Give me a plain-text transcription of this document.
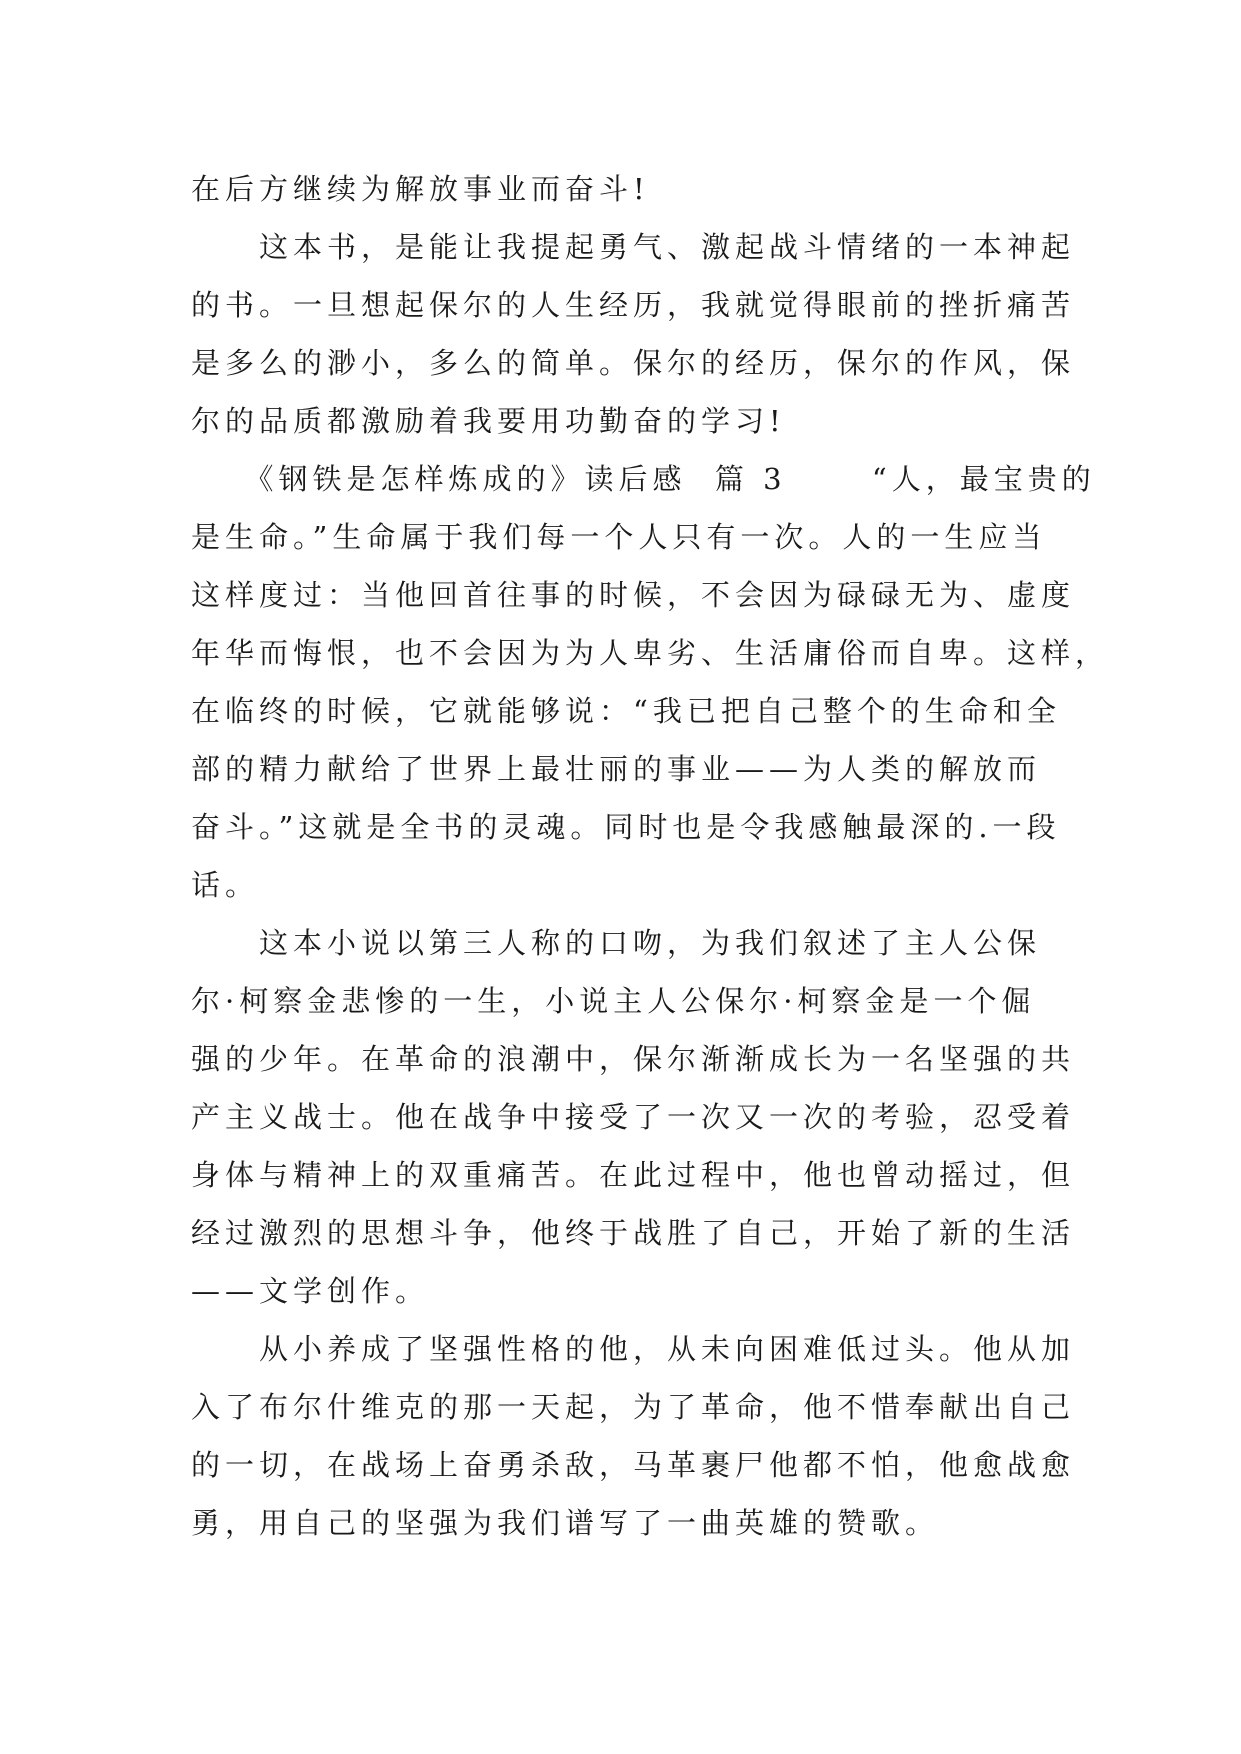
在后方继续为解放事业而奋斗!
　　这本书，是能让我提起勇气、激起战斗情绪的一本神起
的书。一旦想起保尔的人生经历，我就觉得眼前的挫折痛苦
是多么的渺小，多么的简单。保尔的经历，保尔的作风，保
尔的品质都激励着我要用功勤奋的学习!
　　《钢铁是怎样炼成的》读后感  篇 3      “人，最宝贵的
是生命。”生命属于我们每一个人只有一次。人的一生应当
这样度过：当他回首往事的时候，不会因为碌碌无为、虚度
年华而悔恨，也不会因为为人卑劣、生活庸俗而自卑。这样，
在临终的时候，它就能够说：“我已把自己整个的生命和全
部的精力献给了世界上最壮丽的事业——为人类的解放而
奋斗。”这就是全书的灵魂。同时也是令我感触最深的.一段
话。
　　这本小说以第三人称的口吻，为我们叙述了主人公保
尔·柯察金悲惨的一生，小说主人公保尔·柯察金是一个倔
强的少年。在革命的浪潮中，保尔渐渐成长为一名坚强的共
产主义战士。他在战争中接受了一次又一次的考验，忍受着
身体与精神上的双重痛苦。在此过程中，他也曾动摇过，但
经过激烈的思想斗争，他终于战胜了自己，开始了新的生活
——文学创作。
　　从小养成了坚强性格的他，从未向困难低过头。他从加
入了布尔什维克的那一天起，为了革命，他不惜奉献出自己
的一切，在战场上奋勇杀敌，马革裹尸他都不怕，他愈战愈
勇，用自己的坚强为我们谱写了一曲英雄的赞歌。
